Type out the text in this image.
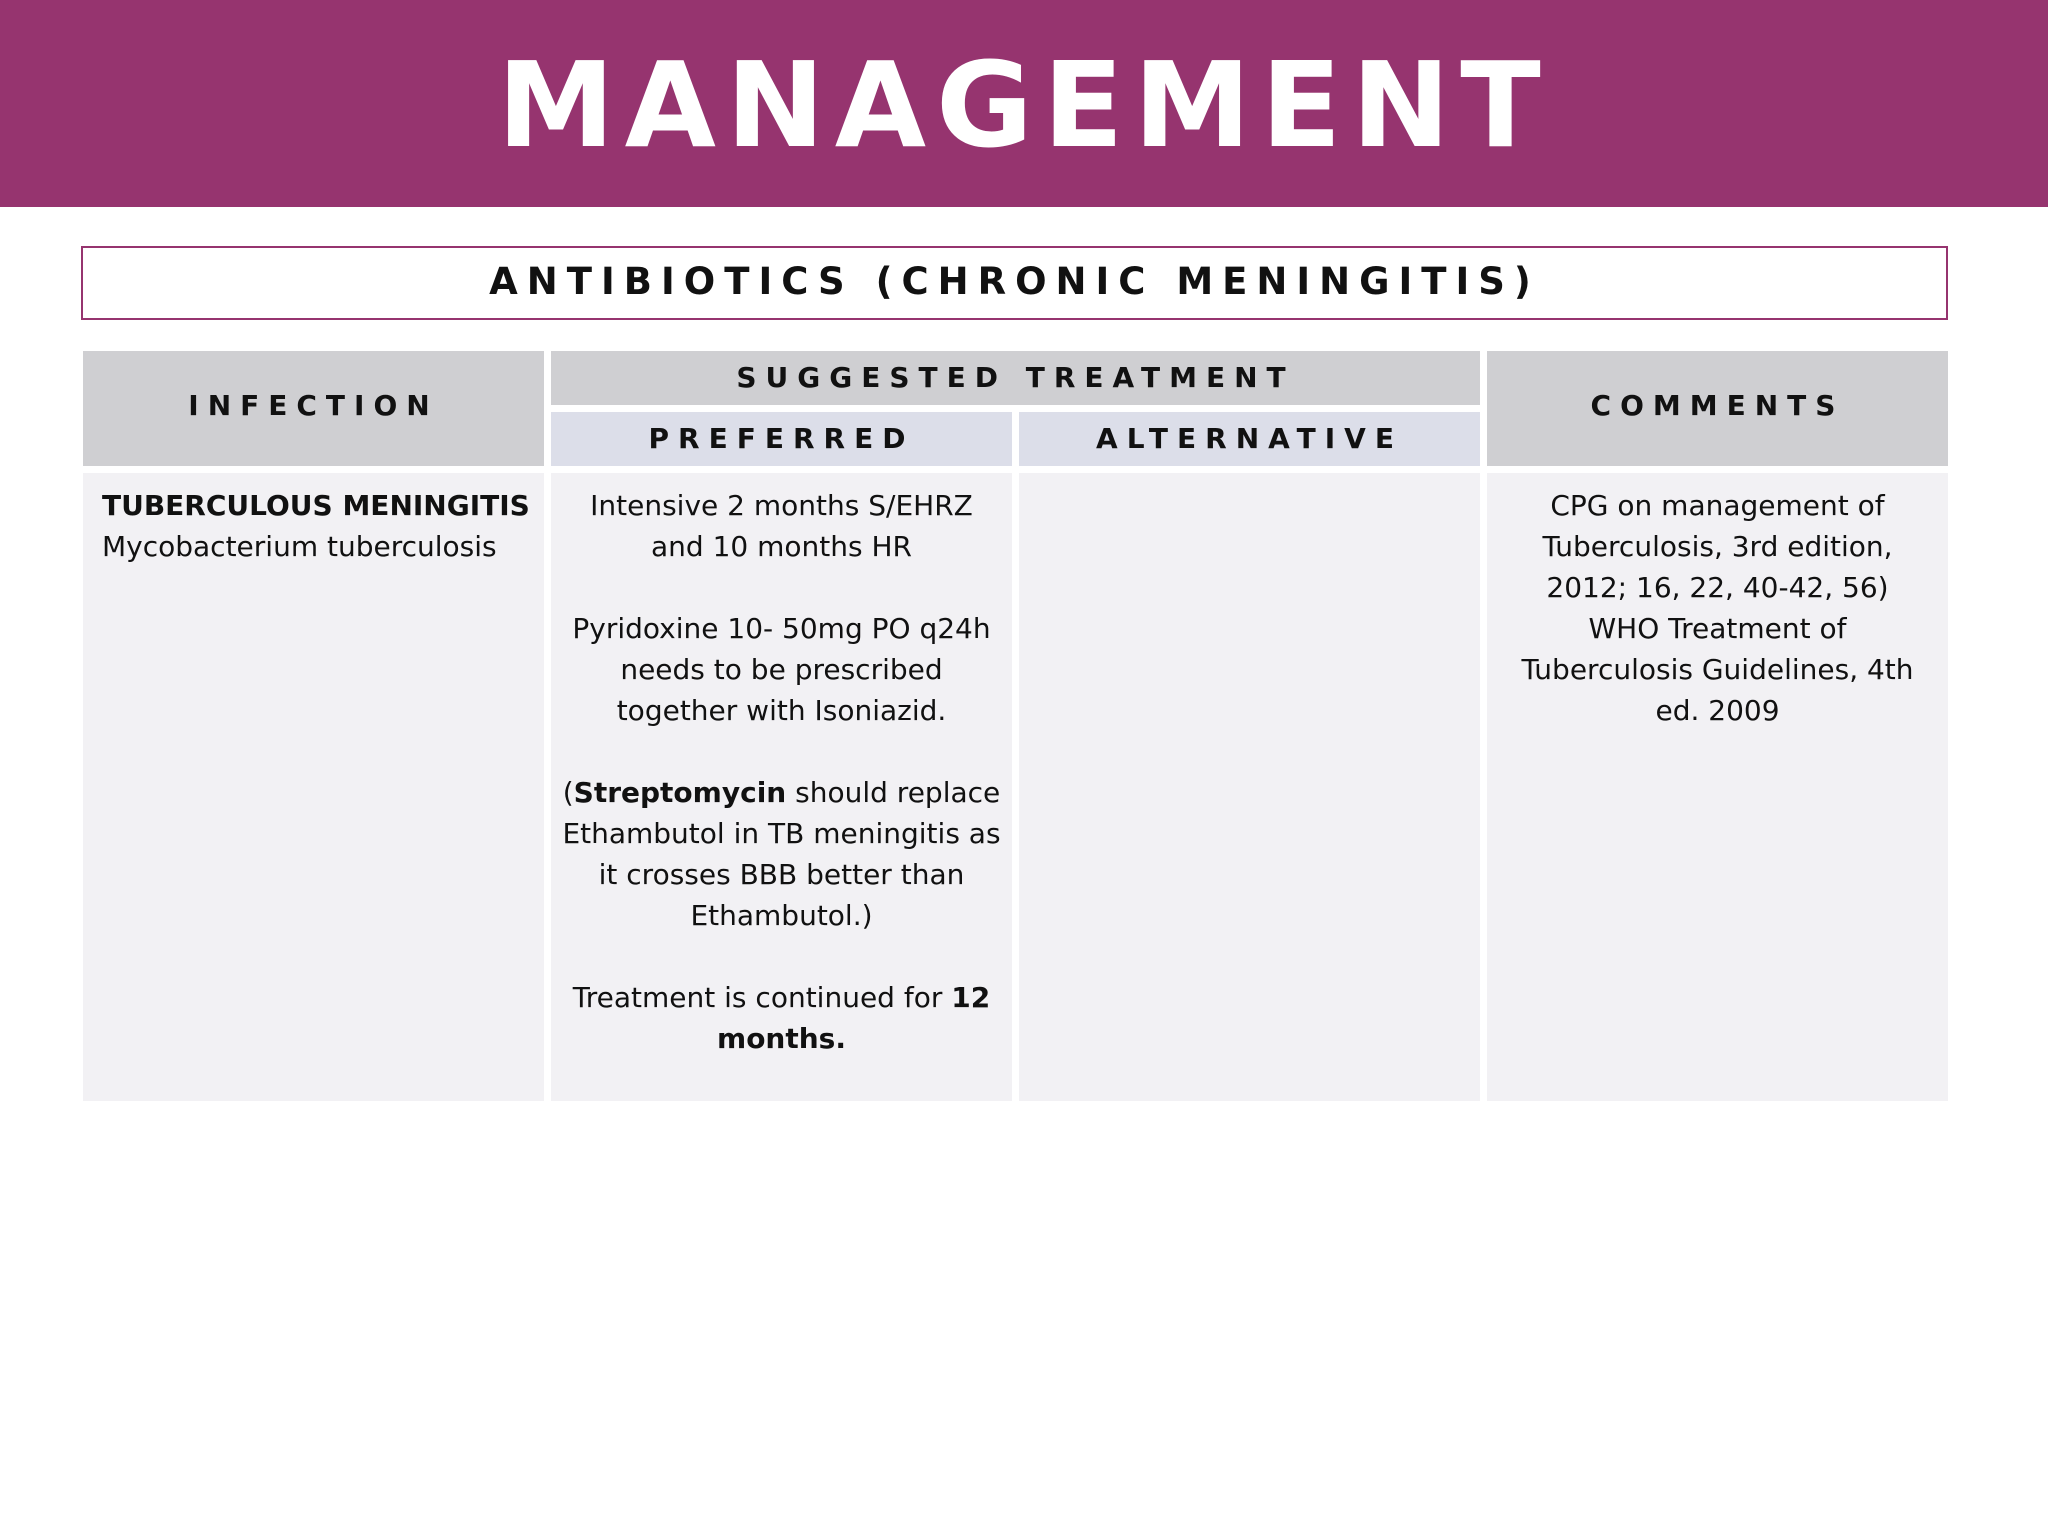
MANAGEMENT
ANTIBIOTICS (CHRONIC MENINGITIS)
INFECTION
SUGGESTED TREATMENT
PREFERRED	ALTERNATIVE
COMMENTS
TUBERCULOUS MENINGITIS
Mycobacterium tuberculosis
Intensive 2 months S/EHRZ and 10 months HR
Pyridoxine 10- 50mg PO q24h needs to be prescribed together with Isoniazid.
(Streptomycin should replace Ethambutol in TB meningitis as it crosses BBB better than Ethambutol.)
Treatment is continued for 12 months.
CPG on management of Tuberculosis, 3rd edition, 2012; 16, 22, 40-42, 56)
WHO Treatment of Tuberculosis Guidelines, 4th ed. 2009
